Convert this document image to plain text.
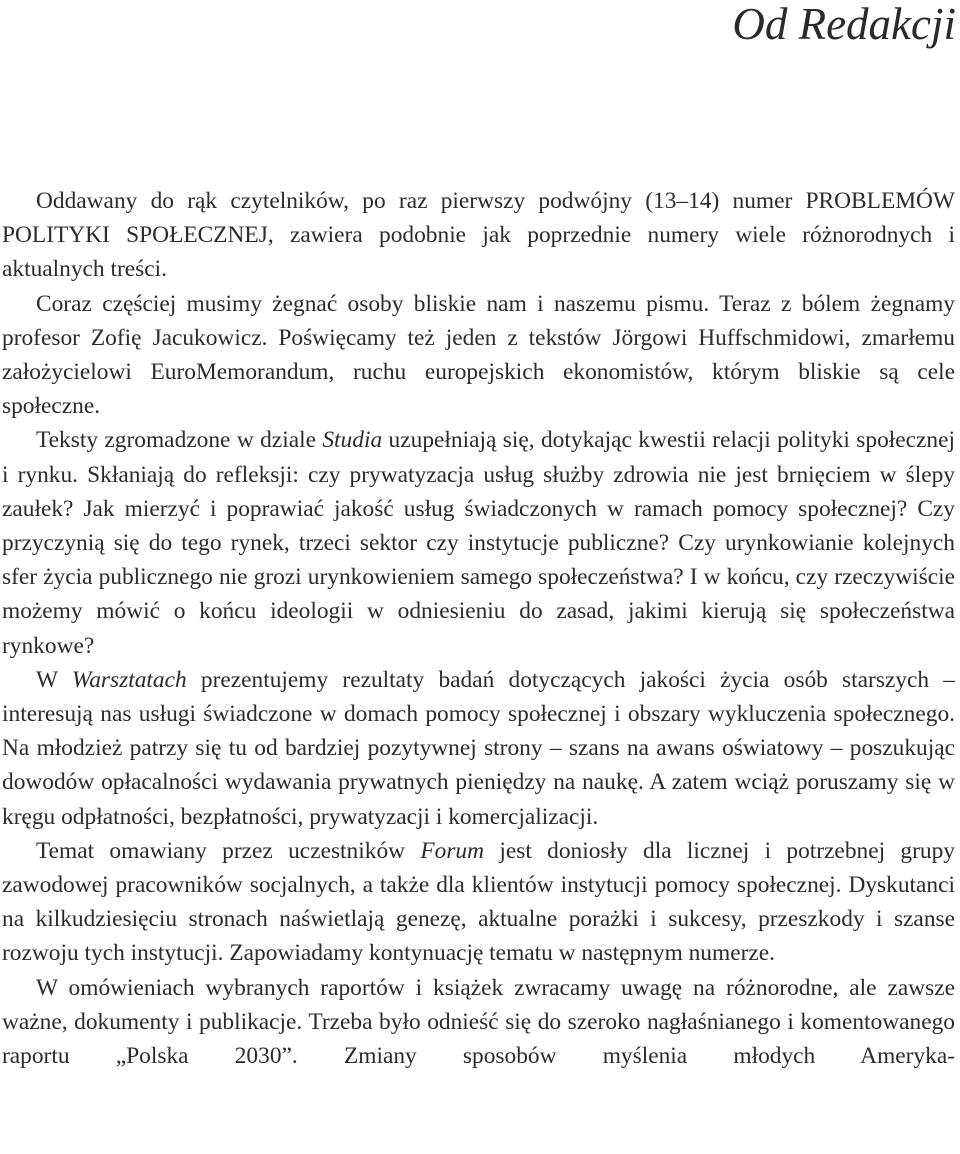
Od Redakcji

Oddawany do rąk czytelników, po raz pierwszy podwójny (13–14) numer PROBLEMÓW POLITYKI SPOŁECZNEJ, zawiera podobnie jak poprzednie numery wiele różnorodnych i aktualnych treści.

Coraz częściej musimy żegnać osoby bliskie nam i naszemu pismu. Teraz z bólem żegnamy profesor Zofię Jacukowicz. Poświęcamy też jeden z tekstów Jörgowi Huffschmidowi, zmarłemu założycielowi EuroMemorandum, ruchu europejskich ekonomistów, którym bliskie są cele społeczne.

Teksty zgromadzone w dziale Studia uzupełniają się, dotykając kwestii relacji polityki społecznej i rynku. Skłaniają do refleksji: czy prywatyzacja usług służby zdrowia nie jest brnięciem w ślepy zaułek? Jak mierzyć i poprawiać jakość usług świadczonych w ramach pomocy społecznej? Czy przyczynią się do tego rynek, trzeci sektor czy instytucje publiczne? Czy urynkowianie kolejnych sfer życia publicznego nie grozi urynkowieniem samego społeczeństwa? I w końcu, czy rzeczywiście możemy mówić o końcu ideologii w odniesieniu do zasad, jakimi kierują się społeczeństwa rynkowe?

W Warsztatach prezentujemy rezultaty badań dotyczących jakości życia osób starszych – interesują nas usługi świadczone w domach pomocy społecznej i obszary wykluczenia społecznego. Na młodzież patrzy się tu od bardziej pozytywnej strony – szans na awans oświatowy – poszukując dowodów opłacalności wydawania prywatnych pieniędzy na naukę. A zatem wciąż poruszamy się w kręgu odpłatności, bezpłatności, prywatyzacji i komercjalizacji.

Temat omawiany przez uczestników Forum jest doniosły dla licznej i potrzebnej grupy zawodowej pracowników socjalnych, a także dla klientów instytucji pomocy społecznej. Dyskutanci na kilkudziesięciu stronach naświetlają genezę, aktualne porażki i sukcesy, przeszkody i szanse rozwoju tych instytucji. Zapowiadamy kontynuację tematu w następnym numerze.

W omówieniach wybranych raportów i książek zwracamy uwagę na różnorodne, ale zawsze ważne, dokumenty i publikacje. Trzeba było odnieść się do szeroko nagłaśnianego i komentowanego raportu „Polska 2030”. Zmiany sposobów myślenia młodych Ameryka-
